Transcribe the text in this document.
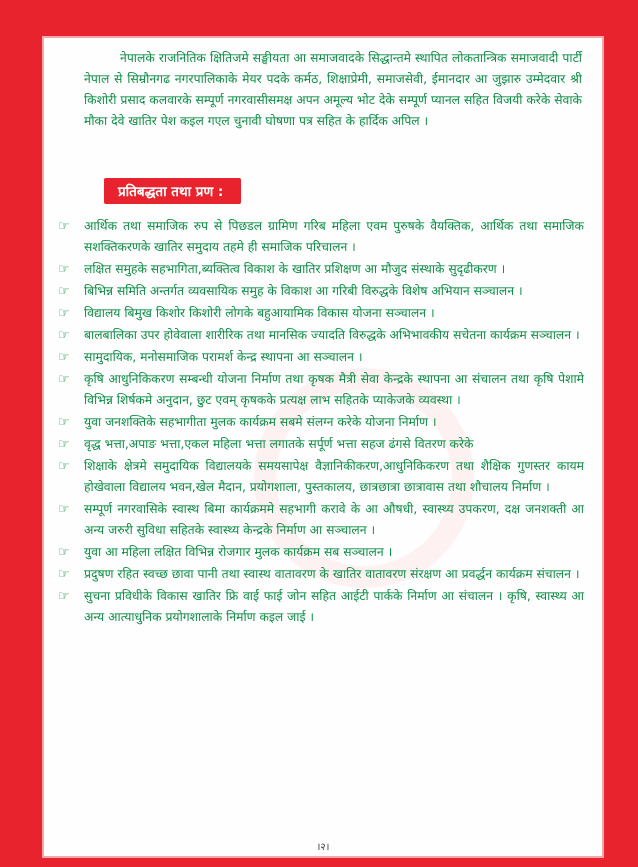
नेपालके राजनितिक क्षितिजमे सङ्घीयता आ समाजवादके सिद्धान्तमे स्थापित लोकतान्त्रिक समाजवादी पार्टी नेपाल से सिम्रौनगढ नगरपालिकाके मेयर पदके कर्मठ, शिक्षाप्रेमी, समाजसेवी, ईमानदार आ जुझारु उम्मेदवार श्री किशोरी प्रसाद कलवारके सम्पूर्ण नगरवासीसमक्ष अपन अमूल्य भोट देके सम्पूर्ण प्यानल सहित विजयी करेके सेवाके मौका देवे खातिर पेश कइल गएल चुनावी घोषणा पत्र सहित के हार्दिक अपिल ।

प्रतिबद्धता तथा प्रण :
☞	आर्थिक तथा समाजिक रुप से पिछडल ग्रामिण गरिब महिला एवम पुरुषके वैयक्तिक, आर्थिक तथा समाजिक सशक्तिकरणके खातिर समुदाय तहमे ही समाजिक परिचालन ।
☞	लक्षित समुहके सहभागिता,ब्यक्तित्व विकाश के खातिर प्रशिक्षण आ मौजुद संस्थाके सुदृढीकरण ।
☞	बिभिन्न समिति अन्तर्गत व्यवसायिक समुह के विकाश आ गरिबी विरुद्धके विशेष अभियान सञ्चालन ।
☞	विद्यालय बिमुख किशोर किशोरी लोगके बहुआयामिक विकास योजना सञ्चालन ।
☞	बालबालिका उपर होवेवाला शारीरिक तथा मानसिक ज्यादति विरुद्धके अभिभावकीय सचेतना कार्यक्रम सञ्चालन ।
☞	सामुदायिक, मनोसमाजिक परामर्श केन्द्र स्थापना आ सञ्चालन ।
☞	कृषि आधुनिकिकरण सम्बन्धी योजना निर्माण तथा कृषक मैत्री सेवा केन्द्रके स्थापना आ संचालन तथा कृषि पेशामे विभिन्न शिर्षकमे अनुदान, छुट एवम् कृषकके प्रत्यक्ष लाभ सहितके प्याकेजके व्यवस्था ।
☞	युवा जनशक्तिके सहभागीता मुलक कार्यक्रम सबमे संलग्न करेके योजना निर्माण ।
☞	वृद्ध भत्ता,अपाङ भत्ता,एकल महिला भत्ता लगातके सर्पूर्ण भत्ता सहज ढंगसे वितरण करेके
☞	शिक्षाके क्षेत्रमे समुदायिक विद्यालयके समयसापेक्ष वैज्ञानिकीकरण,आधुनिकिकरण तथा शैक्षिक गुणस्तर कायम होखेवाला विद्यालय भवन,खेल मैदान, प्रयोगशाला, पुस्तकालय, छात्रछात्रा छात्रावास तथा शौचालय निर्माण ।
☞	सम्पूर्ण नगरवासिके स्वास्थ बिमा कार्यक्रममे सहभागी करावे के आ औषधी, स्वास्थ्य उपकरण, दक्ष जनशक्ती आ अन्य जरुरी सुविधा सहितके स्वास्थ्य केन्द्रके निर्माण आ सञ्चालन ।
☞	युवा आ महिला लक्षित विभिन्न रोजगार मुलक कार्यक्रम सब सञ्चालन ।
☞	प्रदुषण रहित स्वच्छ छावा पानी तथा स्वास्थ वातावरण के खातिर वातावरण संरक्षण आ प्रवर्द्धन कार्यक्रम संचालन ।
☞	सुचना प्रविधीके विकास खातिर फ्रि वाई फाई जोन सहित आईटी पार्कके निर्माण आ संचालन । कृषि, स्वास्थ्य आ अन्य आत्याधुनिक प्रयोगशालाके निर्माण कइल जाई ।
।२।
